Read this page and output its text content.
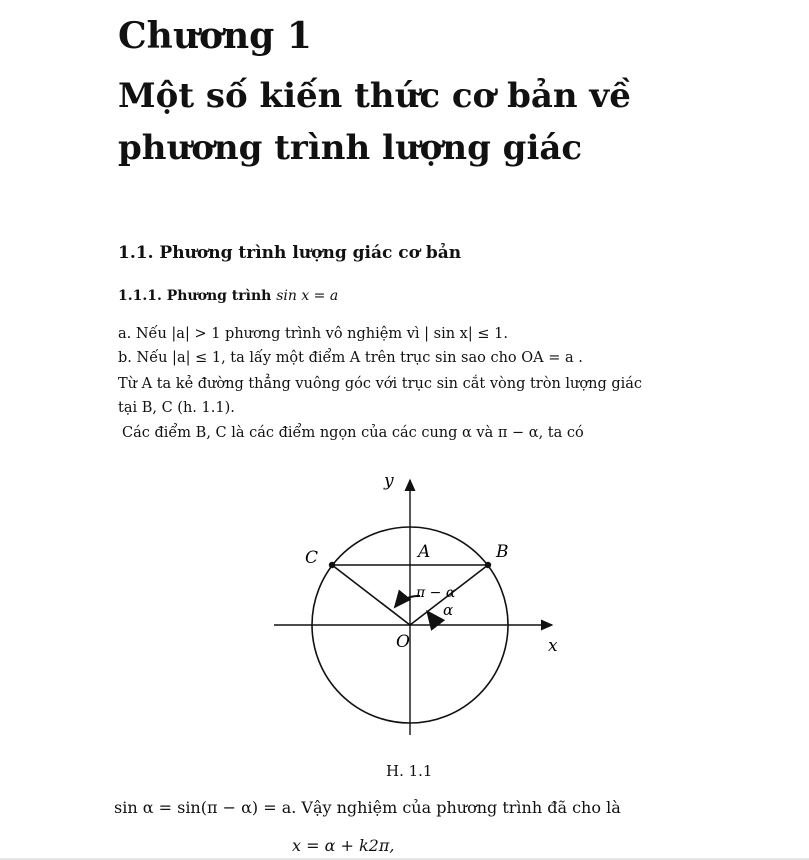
Chương 1
Một số kiến thức cơ bản về
phương trình lượng giác
1.1. Phương trình lượng giác cơ bản
1.1.1. Phương trình sin x = a
a. Nếu |a| > 1 phương trình vô nghiệm vì | sin x| ≤ 1.
b. Nếu |a| ≤ 1, ta lấy một điểm A trên trục sin sao cho OA = a .
Từ A ta kẻ đường thẳng vuông góc với trục sin cắt vòng tròn lượng giác
tại B, C (h. 1.1).
Các điểm B, C là các điểm ngọn của các cung α và π − α, ta có
y
x
O
A	B
C
π − α
α
H. 1.1
sin α = sin(π − α) = a. Vậy nghiệm của phương trình đã cho là
x = α + k2π,
